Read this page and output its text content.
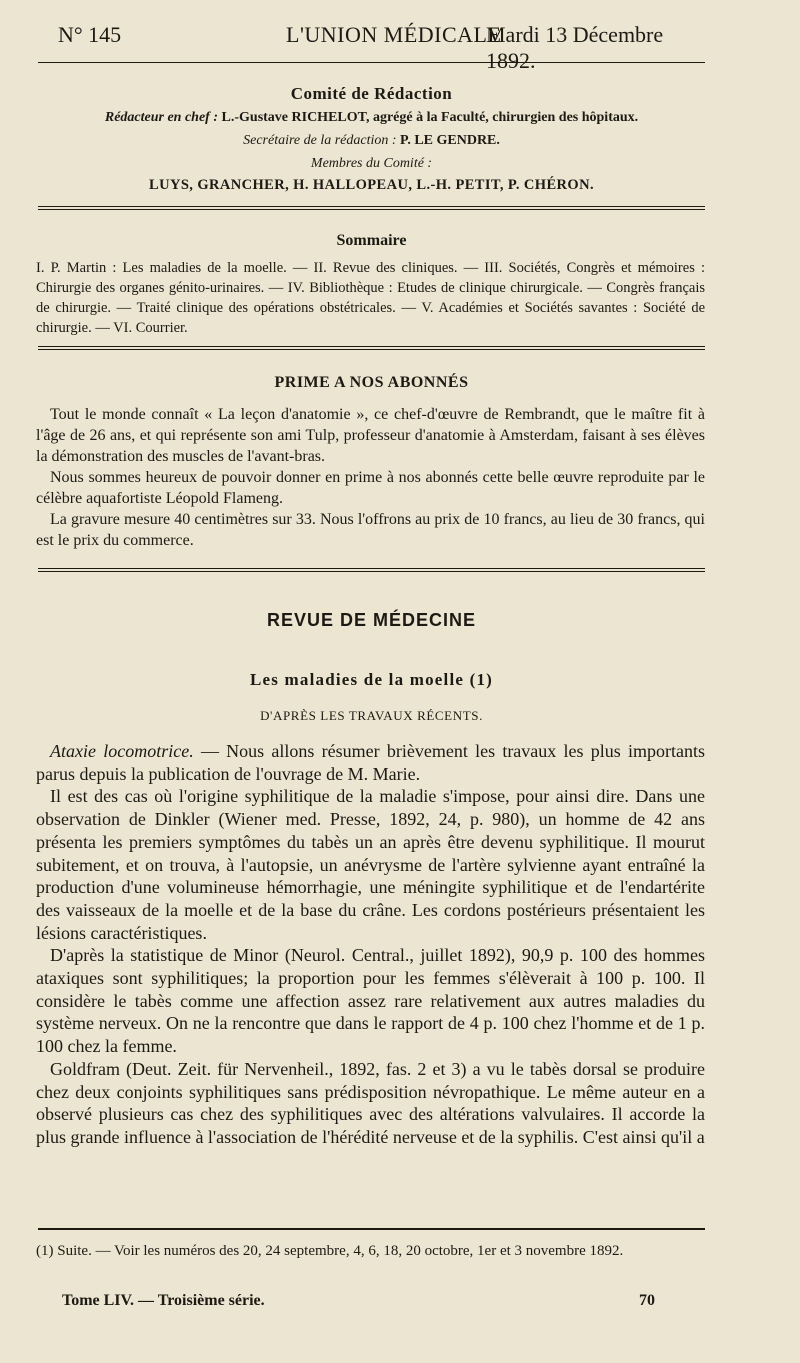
N° 145	L'UNION MÉDICALE
Mardi 13 Décembre 1892.
Comité de Rédaction
Rédacteur en chef : L.-Gustave RICHELOT, agrégé à la Faculté, chirurgien des hôpitaux.
Secrétaire de la rédaction : P. LE GENDRE.
Membres du Comité :
LUYS, GRANCHER, H. HALLOPEAU, L.-H. PETIT, P. CHÉRON.
Sommaire
I. P. Martin : Les maladies de la moelle. — II. Revue des cliniques. — III. Sociétés, Congrès et mémoires : Chirurgie des organes génito-urinaires. — IV. Bibliothèque : Etudes de clinique chirurgicale. — Congrès français de chirurgie. — Traité clinique des opérations obstétricales. — V. Académies et Sociétés savantes : Société de chirurgie. — VI. Courrier.
PRIME A NOS ABONNÉS

Tout le monde connaît « La leçon d'anatomie », ce chef-d'œuvre de Rembrandt, que le maître fit à l'âge de 26 ans, et qui représente son ami Tulp, professeur d'anatomie à Amsterdam, faisant à ses élèves la démonstration des muscles de l'avant-bras.

Nous sommes heureux de pouvoir donner en prime à nos abonnés cette belle œuvre reproduite par le célèbre aquafortiste Léopold Flameng.

La gravure mesure 40 centimètres sur 33. Nous l'offrons au prix de 10 francs, au lieu de 30 francs, qui est le prix du commerce.

REVUE DE MÉDECINE
Les maladies de la moelle (1)
D'APRÈS LES TRAVAUX RÉCENTS.

Ataxie locomotrice. — Nous allons résumer brièvement les travaux les plus importants parus depuis la publication de l'ouvrage de M. Marie.

Il est des cas où l'origine syphilitique de la maladie s'impose, pour ainsi dire. Dans une observation de Dinkler (Wiener med. Presse, 1892, 24, p. 980), un homme de 42 ans présenta les premiers symptômes du tabès un an après être devenu syphilitique. Il mourut subitement, et on trouva, à l'autopsie, un anévrysme de l'artère sylvienne ayant entraîné la production d'une volumineuse hémorrhagie, une méningite syphilitique et de l'endartérite des vaisseaux de la moelle et de la base du crâne. Les cordons postérieurs présentaient les lésions caractéristiques.

D'après la statistique de Minor (Neurol. Central., juillet 1892), 90,9 p. 100 des hommes ataxiques sont syphilitiques; la proportion pour les femmes s'élèverait à 100 p. 100. Il considère le tabès comme une affection assez rare relativement aux autres maladies du système nerveux. On ne la rencontre que dans le rapport de 4 p. 100 chez l'homme et de 1 p. 100 chez la femme.

Goldfram (Deut. Zeit. für Nervenheil., 1892, fas. 2 et 3) a vu le tabès dorsal se produire chez deux conjoints syphilitiques sans prédisposition névropathique. Le même auteur en a observé plusieurs cas chez des syphilitiques avec des altérations valvulaires. Il accorde la plus grande influence à l'association de l'hérédité nerveuse et de la syphilis. C'est ainsi qu'il a

(1) Suite. — Voir les numéros des 20, 24 septembre, 4, 6, 18, 20 octobre, 1er et 3 novembre 1892.
Tome LIV. — Troisième série.	70
